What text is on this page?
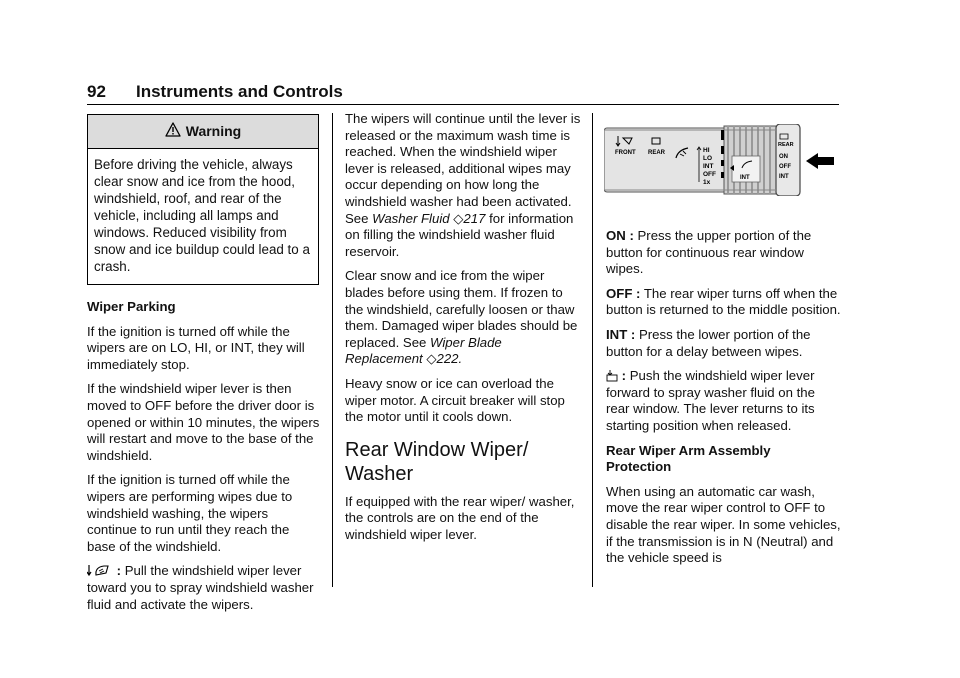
92 Instruments and Controls
Warning
Before driving the vehicle, always clear snow and ice from the hood, windshield, roof, and rear of the vehicle, including all lamps and windows. Reduced visibility from snow and ice buildup could lead to a crash.

Wiper Parking

If the ignition is turned off while the wipers are on LO, HI, or INT, they will immediately stop.

If the windshield wiper lever is then moved to OFF before the driver door is opened or within 10 minutes, the wipers will restart and move to the base of the windshield.

If the ignition is turned off while the wipers are performing wipes due to windshield washing, the wipers continue to run until they reach the base of the windshield.

: Pull the windshield wiper lever toward you to spray windshield washer fluid and activate the wipers.

The wipers will continue until the lever is released or the maximum wash time is reached. When the windshield wiper lever is released, additional wipes may occur depending on how long the windshield washer had been activated. See Washer Fluid ◇217 for information on filling the windshield washer fluid reservoir.

Clear snow and ice from the wiper blades before using them. If frozen to the windshield, carefully loosen or thaw them. Damaged wiper blades should be replaced. See Wiper Blade Replacement ◇222.

Heavy snow or ice can overload the wiper motor. A circuit breaker will stop the motor until it cools down.

Rear Window Wiper/
Washer

If equipped with the rear wiper/ washer, the controls are on the end of the windshield wiper lever.

FRONT REAR	HI
LO
INT
OFF
1x
INT
REAR
ON
OFF
INT

ON : Press the upper portion of the button for continuous rear window wipes.

OFF : The rear wiper turns off when the button is returned to the middle position.

INT : Press the lower portion of the button for a delay between wipes.

: Push the windshield wiper lever forward to spray washer fluid on the rear window. The lever returns to its starting position when released.

Rear Wiper Arm Assembly
Protection

When using an automatic car wash, move the rear wiper control to OFF to disable the rear wiper. In some vehicles, if the transmission is in N (Neutral) and the vehicle speed is
